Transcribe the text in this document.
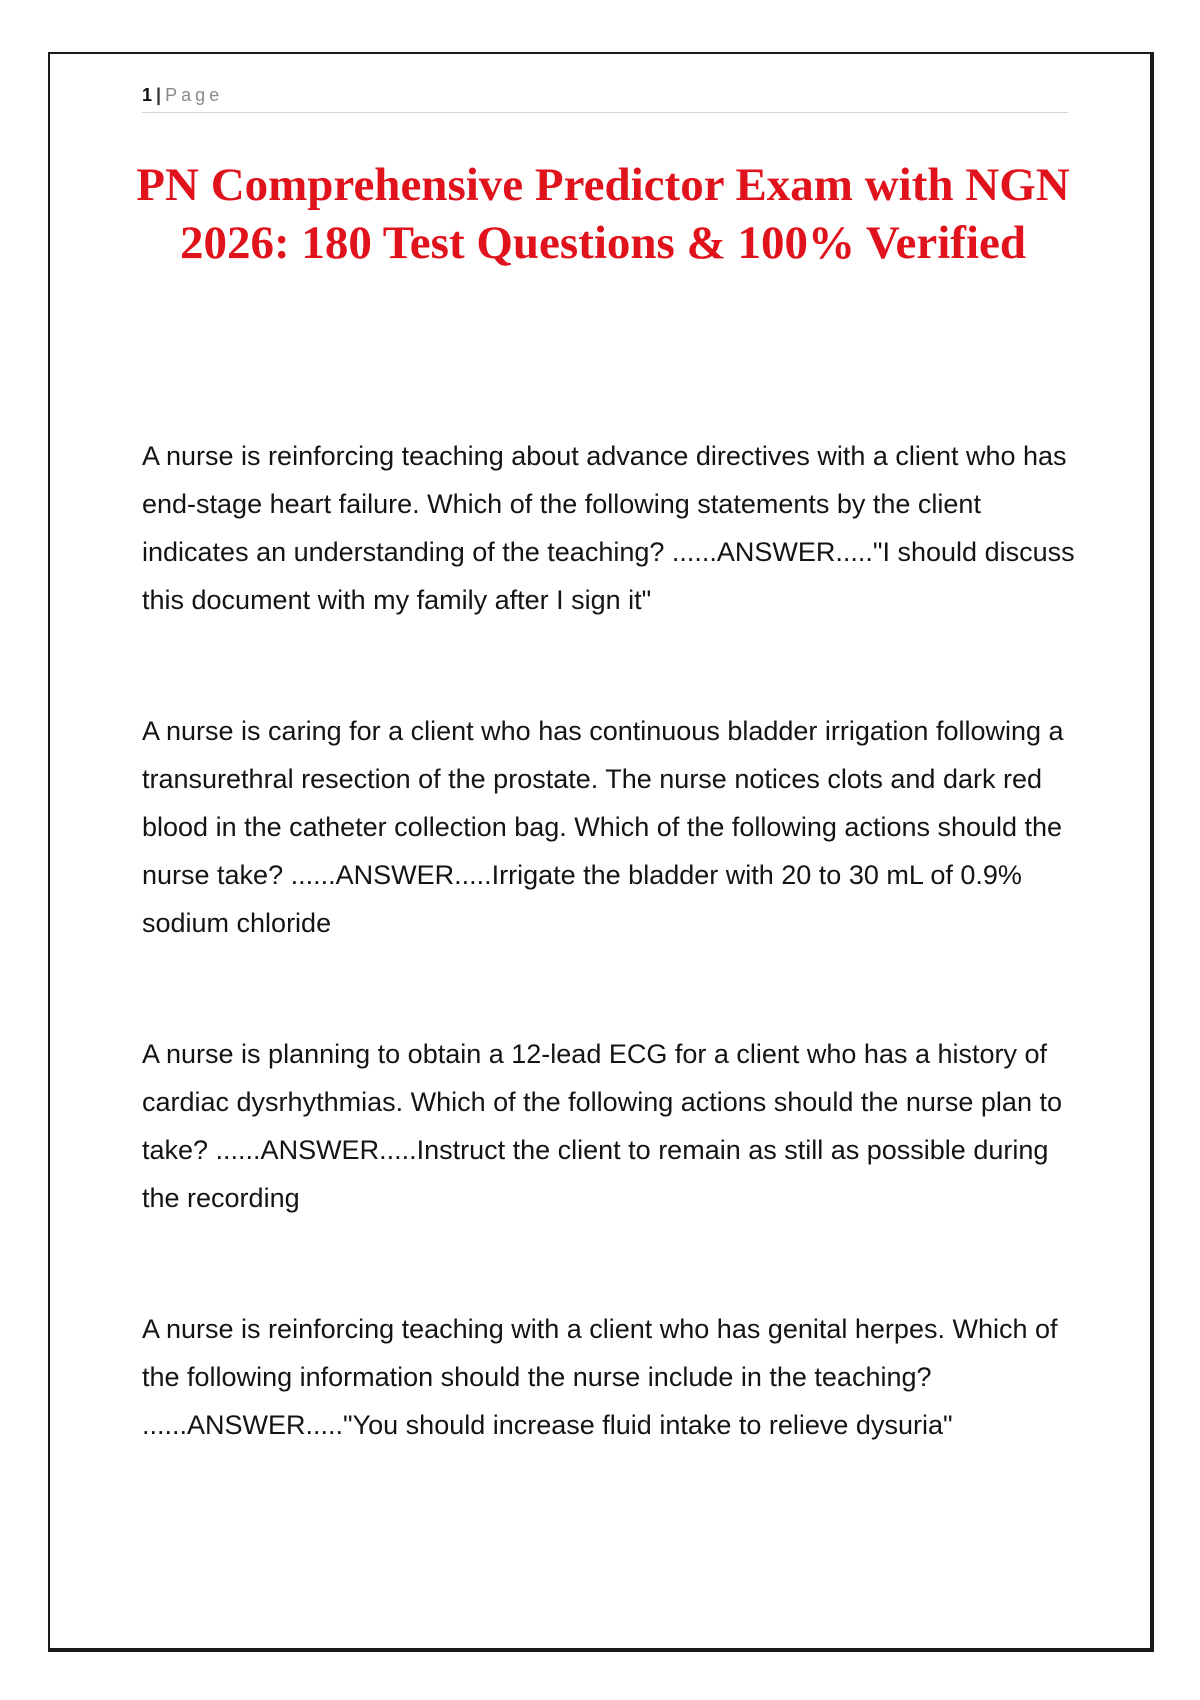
1 | Page
PN Comprehensive Predictor Exam with NGN 2026: 180 Test Questions & 100% Verified

A nurse is reinforcing teaching about advance directives with a client who has end-stage heart failure. Which of the following statements by the client indicates an understanding of the teaching? ......ANSWER....."I should discuss this document with my family after I sign it"

A nurse is caring for a client who has continuous bladder irrigation following a transurethral resection of the prostate. The nurse notices clots and dark red blood in the catheter collection bag. Which of the following actions should the nurse take? ......ANSWER.....Irrigate the bladder with 20 to 30 mL of 0.9% sodium chloride

A nurse is planning to obtain a 12-lead ECG for a client who has a history of cardiac dysrhythmias. Which of the following actions should the nurse plan to take? ......ANSWER.....Instruct the client to remain as still as possible during the recording

A nurse is reinforcing teaching with a client who has genital herpes. Which of the following information should the nurse include in the teaching? ......ANSWER....."You should increase fluid intake to relieve dysuria"
